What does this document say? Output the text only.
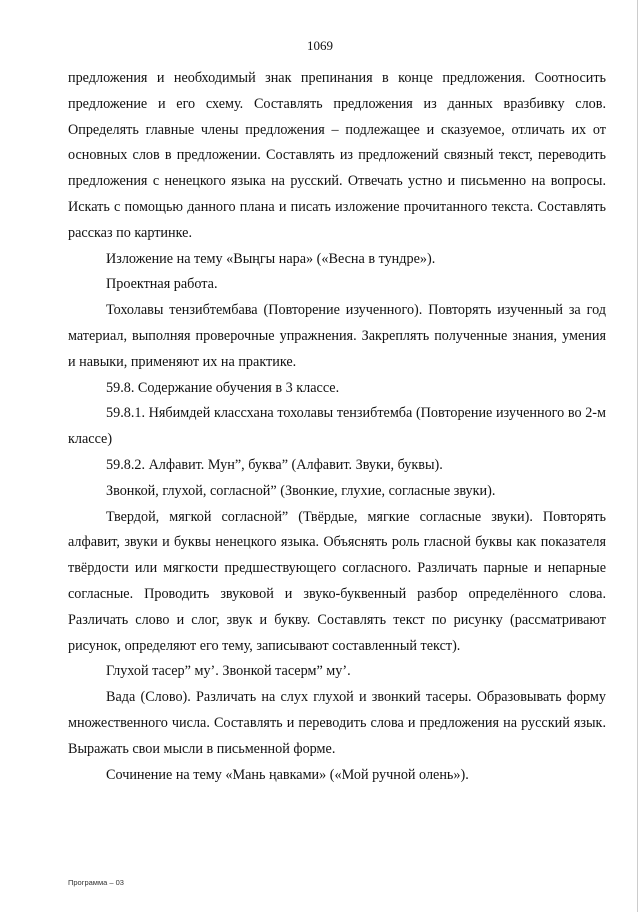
1069

предложения и необходимый знак препинания в конце предложения. Соотносить предложение и его схему. Составлять предложения из данных вразбивку слов. Определять главные члены предложения – подлежащее и сказуемое, отличать их от основных слов в предложении. Составлять из предложений связный текст, переводить предложения с ненецкого языка на русский. Отвечать устно и письменно на вопросы. Искать с помощью данного плана и писать изложение прочитанного текста. Составлять рассказ по картинке.

Изложение на тему «Выңгы нара» («Весна в тундре»).

Проектная работа.

Тохолавы тензибтембава (Повторение изученного). Повторять изученный за год материал, выполняя проверочные упражнения. Закреплять полученные знания, умения и навыки, применяют их на практике.

59.8. Содержание обучения в 3 классе.

59.8.1. Нябимдей классхана тохолавы тензибтемба (Повторение изученного во 2-м классе)

59.8.2. Алфавит. Мун”, буква” (Алфавит. Звуки, буквы).

Звонкой, глухой, согласной” (Звонкие, глухие, согласные звуки).

Твердой, мягкой согласной” (Твёрдые, мягкие согласные звуки). Повторять алфавит, звуки и буквы ненецкого языка. Объяснять роль гласной буквы как показателя твёрдости или мягкости предшествующего согласного. Различать парные и непарные согласные. Проводить звуковой и звуко-буквенный разбор определённого слова. Различать слово и слог, звук и букву. Составлять текст по рисунку (рассматривают рисунок, определяют его тему, записывают составленный текст).

Глухой тасер” му’. Звонкой тасерм” му’.

Вада (Слово). Различать на слух глухой и звонкий тасеры. Образовывать форму множественного числа. Составлять и переводить слова и предложения на русский язык. Выражать свои мысли в письменной форме.

Сочинение на тему «Мань ңавками» («Мой ручной олень»).

Программа – 03
